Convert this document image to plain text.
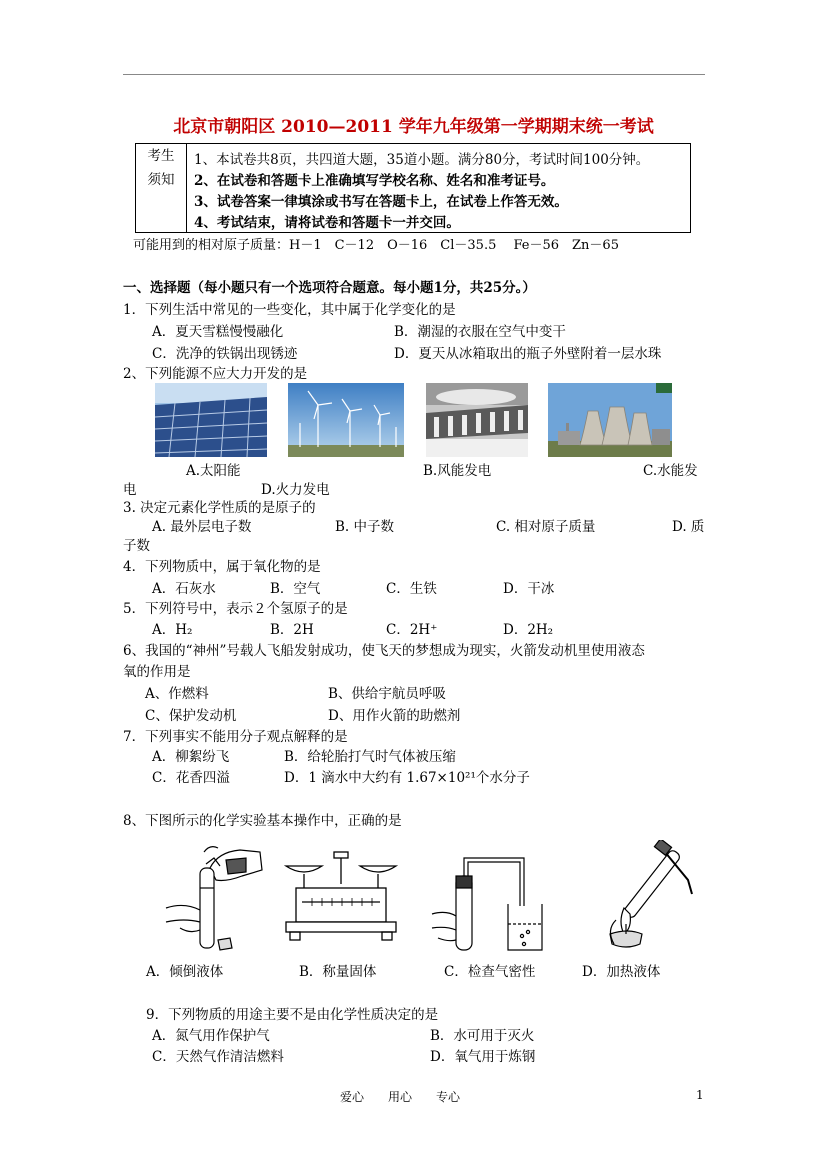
北京市朝阳区 2010—2011 学年九年级第一学期期末统一考试
考生
须知
1、本试卷共8页，共四道大题，35道小题。满分80分，考试时间100分钟。
2、在试卷和答题卡上准确填写学校名称、姓名和准考证号。
3、试卷答案一律填涂或书写在答题卡上，在试卷上作答无效。
4、考试结束，请将试卷和答题卡一并交回。
可能用到的相对原子质量：H－1　C－12　O－16　Cl－35.5　 Fe－56　Zn－65
一、选择题（每小题只有一个选项符合题意。每小题1分，共25分。）
1．下列生活中常见的一些变化，其中属于化学变化的是
A．夏天雪糕慢慢融化	B．潮湿的衣服在空气中变干
C．洗净的铁锅出现锈迹	D．夏天从冰箱取出的瓶子外壁附着一层水珠
2、下列能源不应大力开发的是
A.太阳能	B.风能发电	C.水能发
电	D.火力发电
3. 决定元素化学性质的是原子的
A. 最外层电子数	B. 中子数	C. 相对原子质量	D. 质
子数
4．下列物质中，属于氧化物的是
A．石灰水	B．空气	C．生铁	D．干冰
5．下列符号中，表示２个氢原子的是
A．H₂	B．2H	C．2H⁺	D．2H₂
6、我国的“神州”号载人飞船发射成功，使飞天的梦想成为现实，火箭发动机里使用液态
氧的作用是
A、作燃料	B、供给宇航员呼吸
C、保护发动机	D、用作火箭的助燃剂
7．下列事实不能用分子观点解释的是
A．柳絮纷飞	B．给轮胎打气时气体被压缩
C．花香四溢	D．1 滴水中大约有 1.67×10²¹个水分子
8、下图所示的化学实验基本操作中，正确的是
A．倾倒液体	B．称量固体	C．检查气密性	D．加热液体
9．下列物质的用途主要不是由化学性质决定的是
A．氮气用作保护气	B．水可用于灭火
C．天然气作清洁燃料	D．氧气用于炼钢
爱心　　用心　　专心	1
